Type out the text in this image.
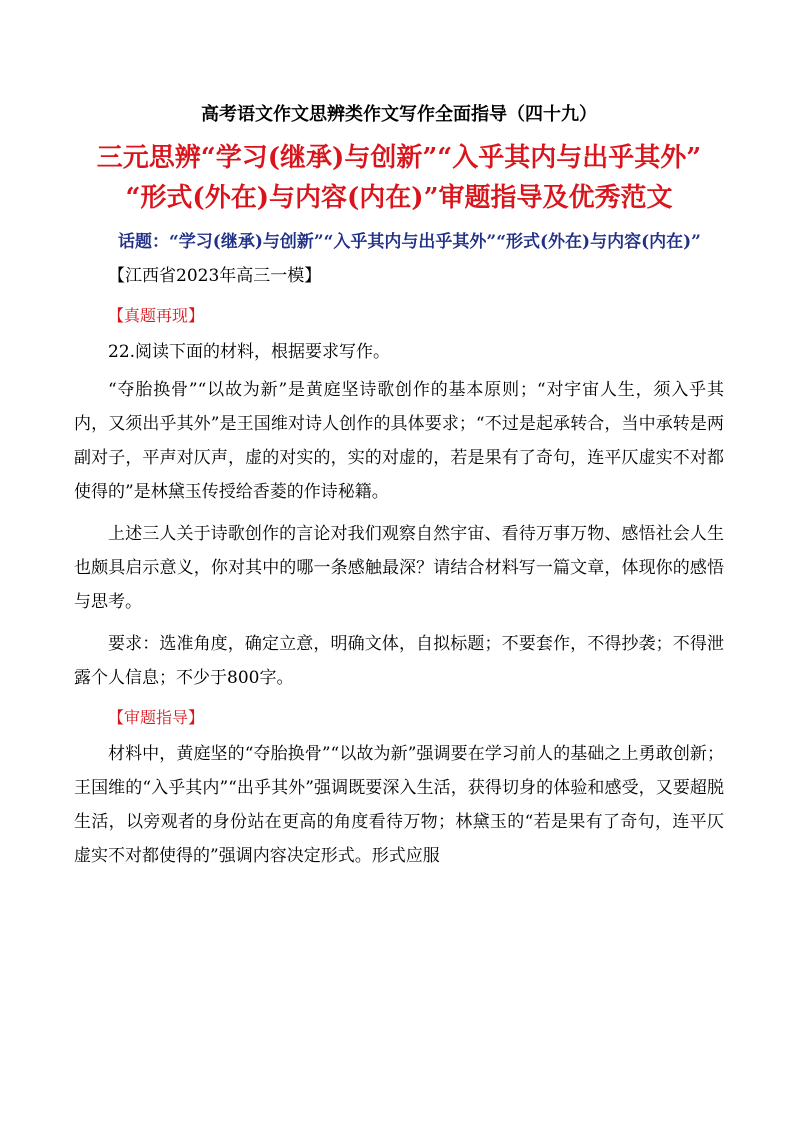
高考语文作文思辨类作文写作全面指导（四十九）
三元思辨“学习(继承)与创新”“入乎其内与出乎其外”
“形式(外在)与内容(内在)”审题指导及优秀范文
话题：“学习(继承)与创新”“入乎其内与出乎其外”“形式(外在)与内容(内在)”

【江西省2023年高三一模】

【真题再现】

22.阅读下面的材料，根据要求写作。

“夺胎换骨”“以故为新”是黄庭坚诗歌创作的基本原则；“对宇宙人生，须入乎其内，又须出乎其外”是王国维对诗人创作的具体要求；“不过是起承转合，当中承转是两副对子，平声对仄声，虚的对实的，实的对虚的，若是果有了奇句，连平仄虚实不对都使得的”是林黛玉传授给香菱的作诗秘籍。

上述三人关于诗歌创作的言论对我们观察自然宇宙、看待万事万物、感悟社会人生也颇具启示意义，你对其中的哪一条感触最深？请结合材料写一篇文章，体现你的感悟与思考。

要求：选准角度，确定立意，明确文体，自拟标题；不要套作，不得抄袭；不得泄露个人信息；不少于800字。

【审题指导】

材料中，黄庭坚的“夺胎换骨”“以故为新”强调要在学习前人的基础之上勇敢创新；王国维的“入乎其内”“出乎其外”强调既要深入生活，获得切身的体验和感受，又要超脱生活，以旁观者的身份站在更高的角度看待万物；林黛玉的“若是果有了奇句，连平仄虚实不对都使得的”强调内容决定形式。形式应服
